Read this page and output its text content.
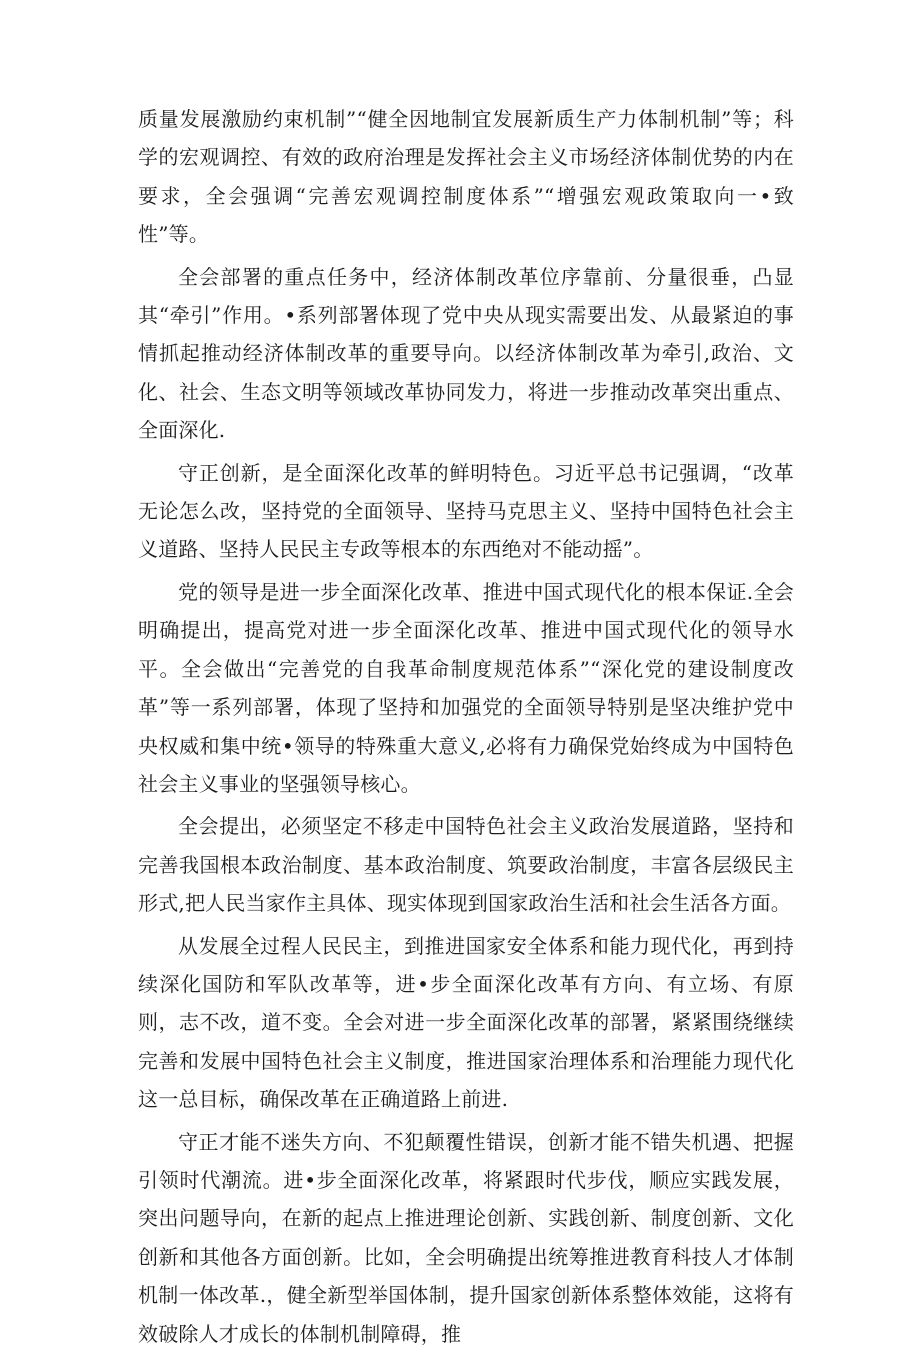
质量发展激励约束机制”“健全因地制宜发展新质生产力体制机制”等；科学的宏观调控、有效的政府治理是发挥社会主义市场经济体制优势的内在要求，全会强调“完善宏观调控制度体系”“增强宏观政策取向一•致性”等。

全会部署的重点任务中，经济体制改革位序靠前、分量很垂，凸显其“牵引”作用。•系列部署体现了党中央从现实需要出发、从最紧迫的事情抓起推动经济体制改革的重要导向。以经济体制改革为牵引,政治、文化、社会、生态文明等领域改革协同发力，将进一步推动改革突出重点、全面深化.

守正创新，是全面深化改革的鲜明特色。习近平总书记强调，“改革无论怎么改，坚持党的全面领导、坚持马克思主义、坚持中国特色社会主义道路、坚持人民民主专政等根本的东西绝对不能动摇”。

党的领导是进一步全面深化改革、推进中国式现代化的根本保证.全会明确提出，提高党对进一步全面深化改革、推进中国式现代化的领导水平。全会做出“完善党的自我革命制度规范体系”“深化党的建设制度改革”等一系列部署，体现了坚持和加强党的全面领导特别是坚决维护党中央权威和集中统•领导的特殊重大意义,必将有力确保党始终成为中国特色社会主义事业的坚强领导核心。

全会提出，必须坚定不移走中国特色社会主义政治发展道路，坚持和完善我国根本政治制度、基本政治制度、筑要政治制度，丰富各层级民主形式,把人民当家作主具体、现实体现到国家政治生活和社会生活各方面。

从发展全过程人民民主，到推进国家安全体系和能力现代化，再到持续深化国防和军队改革等，进•步全面深化改革有方向、有立场、有原则，志不改，道不变。全会对进一步全面深化改革的部署，紧紧围绕继续完善和发展中国特色社会主义制度，推进国家治理体系和治理能力现代化这一总目标，确保改革在正确道路上前进.

守正才能不迷失方向、不犯颠覆性错误，创新才能不错失机遇、把握引领时代潮流。进•步全面深化改革，将紧跟时代步伐，顺应实践发展，突出问题导向，在新的起点上推进理论创新、实践创新、制度创新、文化创新和其他各方面创新。比如，全会明确提出统筹推进教育科技人才体制机制一体改革.，健全新型举国体制，提升国家创新体系整体效能，这将有效破除人才成长的体制机制障碍，推
